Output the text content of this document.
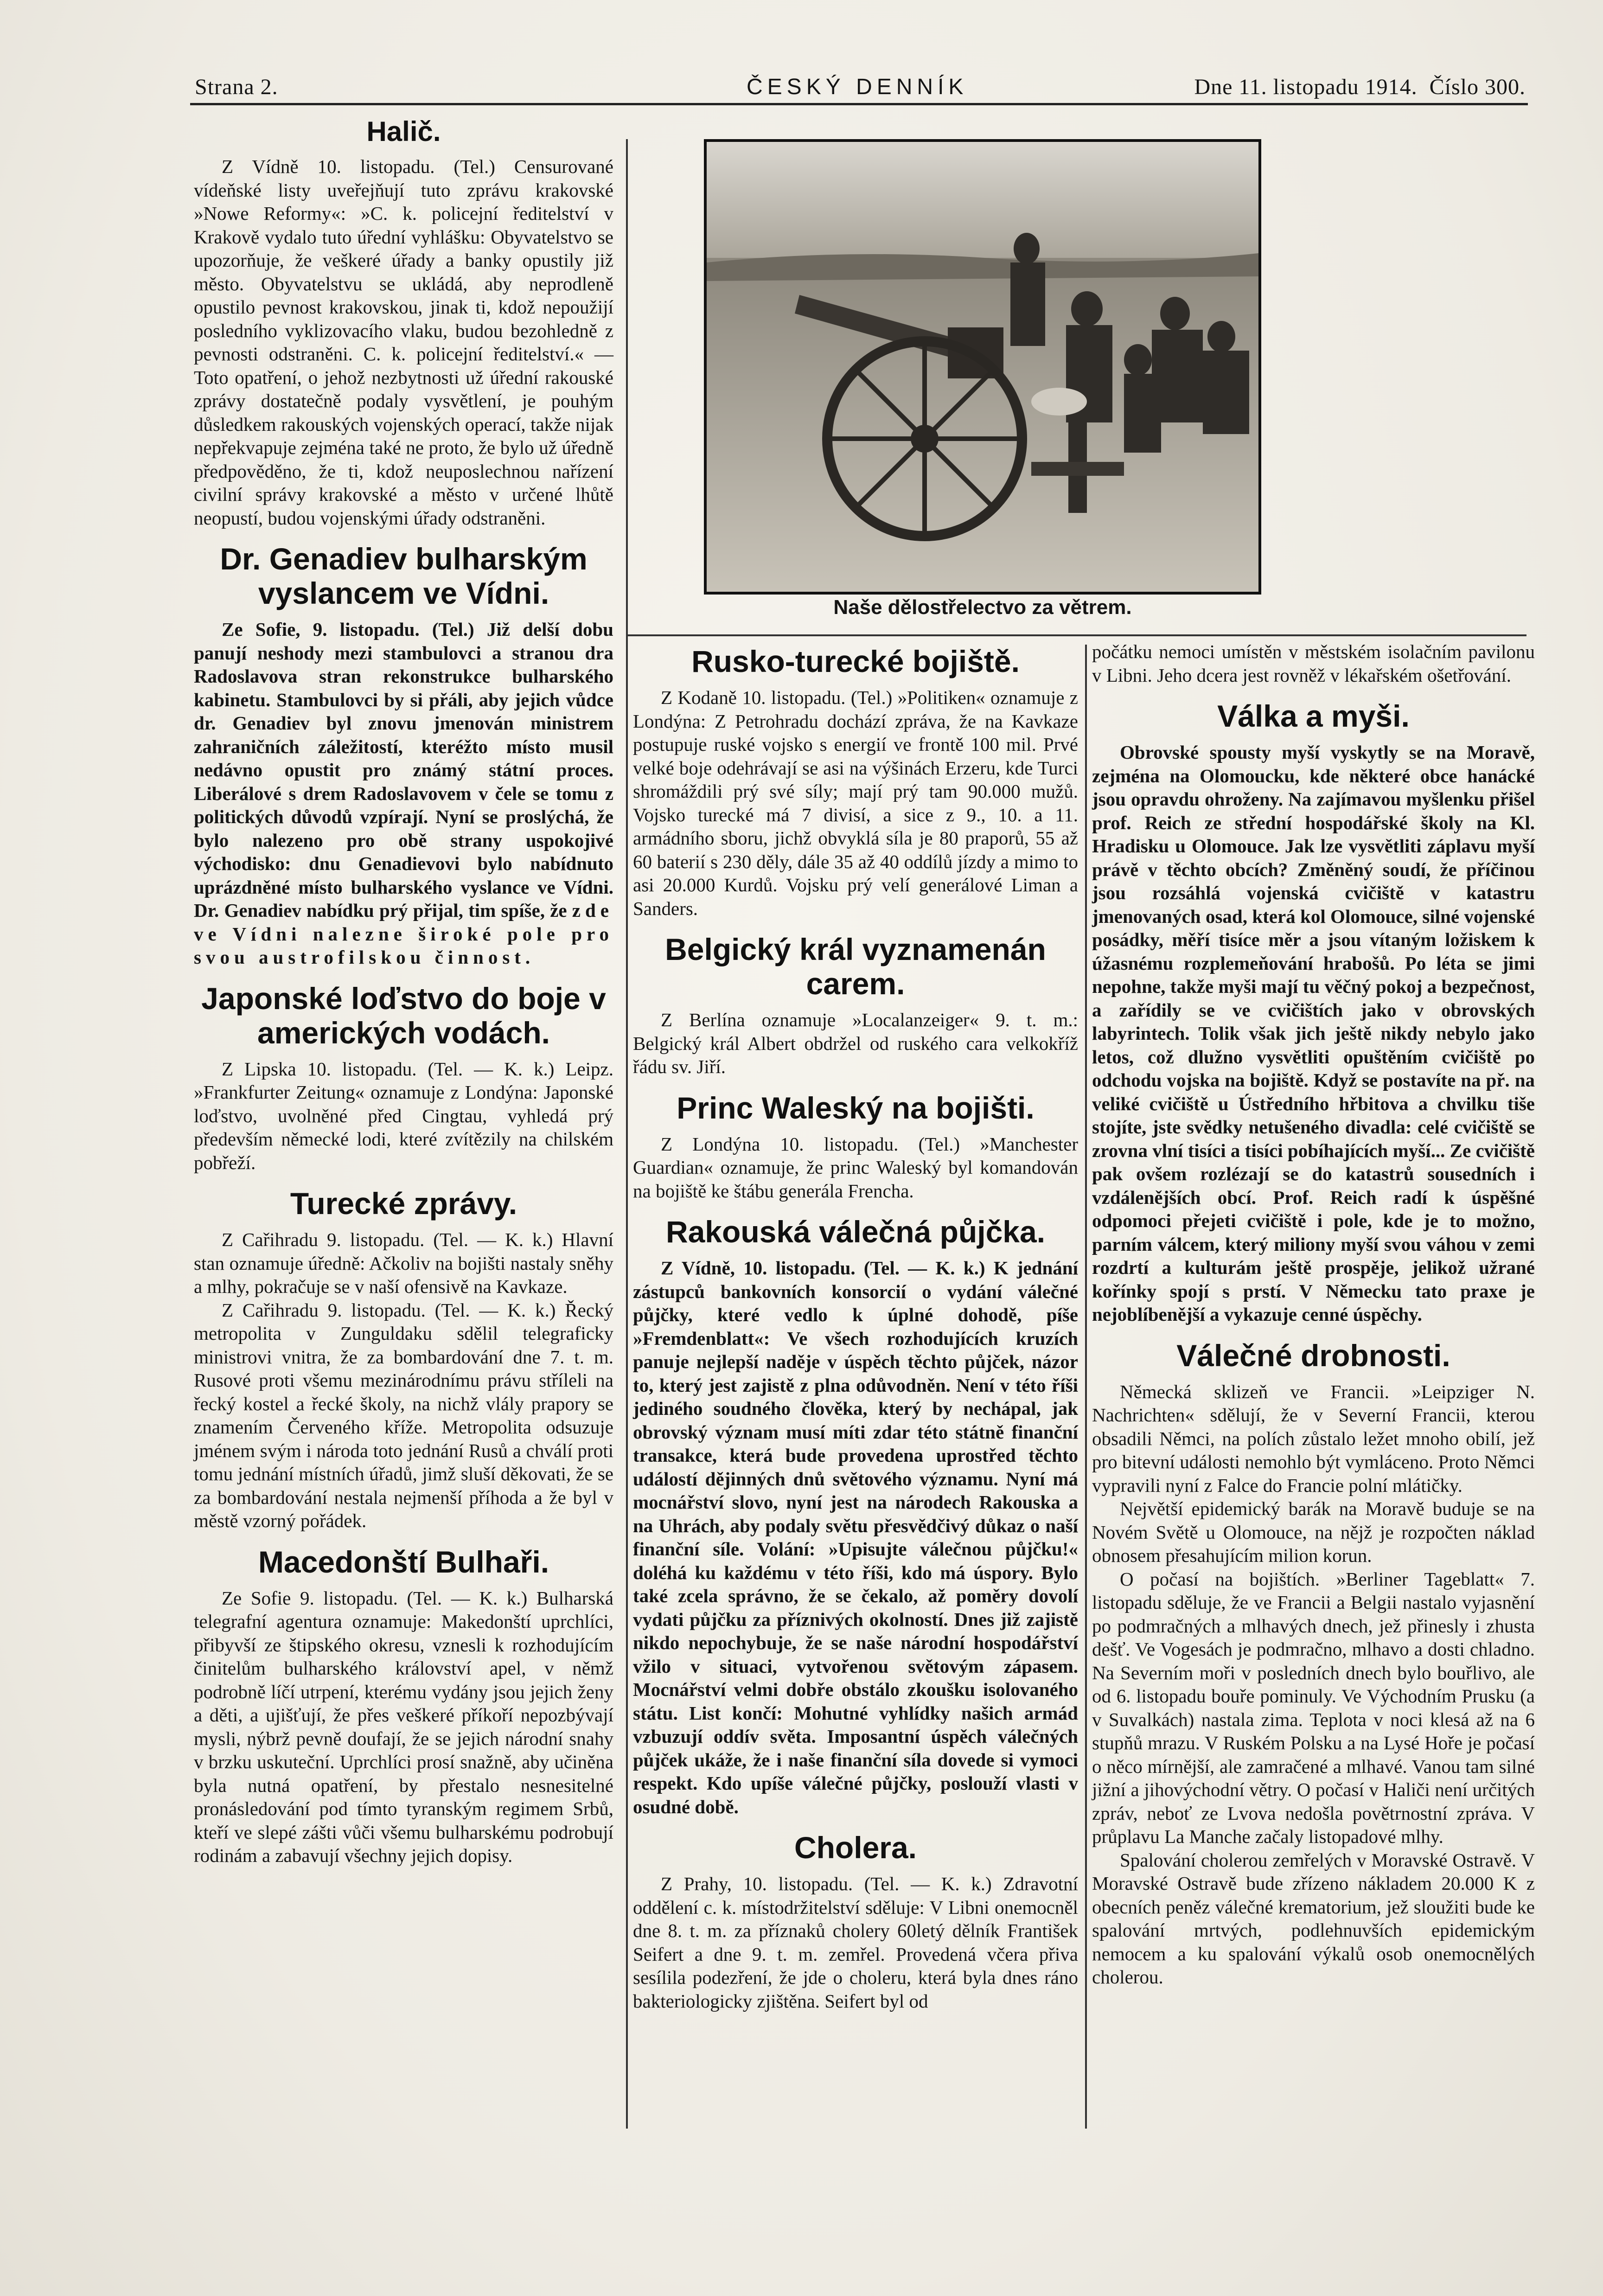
Strana 2.	ČESKÝ DENNÍK	Dne 11. listopadu 1914. Číslo 300.
Naše dělostřelectvo za větrem.
Halič.

Z Vídně 10. listopadu. (Tel.) Censurované vídeňské listy uveřejňují tuto zprávu krakovské »Nowe Reformy«: »C. k. policejní ředitelství v Krakově vydalo tuto úřední vyhlášku: Obyvatelstvo se upozorňuje, že veškeré úřady a banky opustily již město. Obyvatelstvu se ukládá, aby neprodleně opustilo pevnost krakovskou, jinak ti, kdož nepoužijí posledního vyklizovacího vlaku, budou bezohledně z pevnosti odstraněni. C. k. policejní ředitelství.« — Toto opatření, o jehož nezbytnosti už úřední rakouské zprávy dostatečně podaly vysvětlení, je pouhým důsledkem rakouských vojenských operací, takže nijak nepřekvapuje zejména také ne proto, že bylo už úředně předpověděno, že ti, kdož neuposlechnou nařízení civilní správy krakovské a město v určené lhůtě neopustí, budou vojenskými úřady odstraněni.

Dr. Genadiev bulharským vyslancem ve Vídni.

Ze Sofie, 9. listopadu. (Tel.) Již delší dobu panují neshody mezi stambulovci a stranou dra Radoslavova stran rekonstrukce bulharského kabinetu. Stambulovci by si přáli, aby jejich vůdce dr. Genadiev byl znovu jmenován ministrem zahraničních záležitostí, kteréžto místo musil nedávno opustit pro známý státní proces. Liberálové s drem Radoslavovem v čele se tomu z politických důvodů vzpírají. Nyní se proslýchá, že bylo nalezeno pro obě strany uspokojivé východisko: dnu Genadievovi bylo nabídnuto uprázdněné místo bulharského vyslance ve Vídni. Dr. Genadiev nabídku prý přijal, tim spíše, že zde ve Vídni nalezne široké pole pro svou austrofilskou činnost.

Japonské loďstvo do boje v amerických vodách.

Z Lipska 10. listopadu. (Tel. — K. k.) Leipz. »Frankfurter Zeitung« oznamuje z Londýna: Japonské loďstvo, uvolněné před Cingtau, vyhledá prý především německé lodi, které zvítězily na chilském pobřeží.

Turecké zprávy.

Z Cařihradu 9. listopadu. (Tel. — K. k.) Hlavní stan oznamuje úředně: Ačkoliv na bojišti nastaly sněhy a mlhy, pokračuje se v naší ofensivě na Kavkaze.

Z Cařihradu 9. listopadu. (Tel. — K. k.) Řecký metropolita v Zunguldaku sdělil telegraficky ministrovi vnitra, že za bombardování dne 7. t. m. Rusové proti všemu mezinárodnímu právu stříleli na řecký kostel a řecké školy, na nichž vlály prapory se znamením Červeného kříže. Metropolita odsuzuje jménem svým i národa toto jednání Rusů a chválí proti tomu jednání místních úřadů, jimž sluší děkovati, že se za bombardování nestala nejmenší příhoda a že byl v městě vzorný pořádek.

Macedonští Bulhaři.

Ze Sofie 9. listopadu. (Tel. — K. k.) Bulharská telegrafní agentura oznamuje: Makedonští uprchlíci, přibyvší ze štipského okresu, vznesli k rozhodujícím činitelům bulharského království apel, v němž podrobně líčí utrpení, kterému vydány jsou jejich ženy a děti, a ujišťují, že přes veškeré příkoří nepozbývají mysli, nýbrž pevně doufají, že se jejich národní snahy v brzku uskuteční. Uprchlíci prosí snažně, aby učiněna byla nutná opatření, by přestalo nesnesitelné pronásledování pod tímto tyranským regimem Srbů, kteří ve slepé zášti vůči všemu bulharskému podrobují rodinám a zabavují všechny jejich dopisy.

Rusko-turecké bojiště.

Z Kodaně 10. listopadu. (Tel.) »Politiken« oznamuje z Londýna: Z Petrohradu dochází zpráva, že na Kavkaze postupuje ruské vojsko s energií ve frontě 100 mil. Prvé velké boje odehrávají se asi na výšinách Erzeru, kde Turci shromáždili prý své síly; mají prý tam 90.000 mužů. Vojsko turecké má 7 divisí, a sice z 9., 10. a 11. armádního sboru, jichž obvyklá síla je 80 praporů, 55 až 60 baterií s 230 děly, dále 35 až 40 oddílů jízdy a mimo to asi 20.000 Kurdů. Vojsku prý velí generálové Liman a Sanders.

Belgický král vyznamenán carem.

Z Berlína oznamuje »Localanzeiger« 9. t. m.: Belgický král Albert obdržel od ruského cara velkokříž řádu sv. Jiří.

Princ Waleský na bojišti.

Z Londýna 10. listopadu. (Tel.) »Manchester Guardian« oznamuje, že princ Waleský byl komandován na bojiště ke štábu generála Frencha.

Rakouská válečná půjčka.

Z Vídně, 10. listopadu. (Tel. — K. k.) K jednání zástupců bankovních konsorcií o vydání válečné půjčky, které vedlo k úplné dohodě, píše »Fremdenblatt«: Ve všech rozhodujících kruzích panuje nejlepší naděje v úspěch těchto půjček, názor to, který jest zajistě z plna odůvodněn. Není v této říši jediného soudného člověka, který by nechápal, jak obrovský význam musí míti zdar této státně finanční transakce, která bude provedena uprostřed těchto událostí dějinných dnů světového významu. Nyní má mocnářství slovo, nyní jest na národech Rakouska a na Uhrách, aby podaly světu přesvědčivý důkaz o naší finanční síle. Volání: »Upisujte válečnou půjčku!« doléhá ku každému v této říši, kdo má úspory. Bylo také zcela správno, že se čekalo, až poměry dovolí vydati půjčku za příznivých okolností. Dnes již zajistě nikdo nepochybuje, že se naše národní hospodářství vžilo v situaci, vytvořenou světovým zápasem. Mocnářství velmi dobře obstálo zkoušku isolovaného státu. List končí: Mohutné vyhlídky našich armád vzbuzují oddív světa. Imposantní úspěch válečných půjček ukáže, že i naše finanční síla dovede si vymoci respekt. Kdo upíše válečné půjčky, poslouží vlasti v osudné době.

Cholera.

Z Prahy, 10. listopadu. (Tel. — K. k.) Zdravotní oddělení c. k. místodržitelství sděluje: V Libni onemocněl dne 8. t. m. za příznaků cholery 60letý dělník František Seifert a dne 9. t. m. zemřel. Provedená včera přiva sesílila podezření, že jde o choleru, která byla dnes ráno bakteriologicky zjištěna. Seifert byl od

počátku nemoci umístěn v městském isolačním pavilonu v Libni. Jeho dcera jest rovněž v lékařském ošetřování.

Válka a myši.

Obrovské spousty myší vyskytly se na Moravě, zejména na Olomoucku, kde některé obce hanácké jsou opravdu ohroženy. Na zajímavou myšlenku přišel prof. Reich ze střední hospodářské školy na Kl. Hradisku u Olomouce. Jak lze vysvětliti záplavu myší právě v těchto obcích? Změněný soudí, že příčinou jsou rozsáhlá vojenská cvičiště v katastru jmenovaných osad, která kol Olomouce, silné vojenské posádky, měří tisíce měr a jsou vítaným ložiskem k úžasnému rozplemeňování hrabošů. Po léta se jimi nepohne, takže myši mají tu věčný pokoj a bezpečnost, a zařídily se ve cvičištích jako v obrovských labyrintech. Tolik však jich ještě nikdy nebylo jako letos, což dlužno vysvětliti opuštěním cvičiště po odchodu vojska na bojiště. Když se postavíte na př. na veliké cvičiště u Ústředního hřbitova a chvilku tiše stojíte, jste svědky netušeného divadla: celé cvičiště se zrovna vlní tisíci a tisíci pobíhajících myší... Ze cvičiště pak ovšem rozlézají se do katastrů sousedních i vzdálenějších obcí. Prof. Reich radí k úspěšné odpomoci přejeti cvičiště i pole, kde je to možno, parním válcem, který miliony myší svou váhou v zemi rozdrtí a kulturám ještě prospěje, jelikož užrané kořínky spojí s prstí. V Německu tato praxe je nejoblíbenější a vykazuje cenné úspěchy.

Válečné drobnosti.

Německá sklizeň ve Francii. »Leipziger N. Nachrichten« sdělují, že v Severní Francii, kterou obsadili Němci, na polích zůstalo ležet mnoho obilí, jež pro bitevní události nemohlo být vymláceno. Proto Němci vypravili nyní z Falce do Francie polní mlátičky.

Největší epidemický barák na Moravě buduje se na Novém Světě u Olomouce, na nějž je rozpočten náklad obnosem přesahujícím milion korun.

O počasí na bojištích. »Berliner Tageblatt« 7. listopadu sděluje, že ve Francii a Belgii nastalo vyjasnění po podmračných a mlhavých dnech, jež přinesly i zhusta dešť. Ve Vogesách je podmračno, mlhavo a dosti chladno. Na Severním moři v posledních dnech bylo bouřlivo, ale od 6. listopadu bouře pominuly. Ve Východním Prusku (a v Suvalkách) nastala zima. Teplota v noci klesá až na 6 stupňů mrazu. V Ruském Polsku a na Lysé Hoře je počasí o něco mírnější, ale zamračené a mlhavé. Vanou tam silné jižní a jihovýchodní větry. O počasí v Haliči není určitých zpráv, neboť ze Lvova nedošla povětrnostní zpráva. V průplavu La Manche začaly listopadové mlhy.

Spalování cholerou zemřelých v Moravské Ostravě. V Moravské Ostravě bude zřízeno nákladem 20.000 K z obecních peněz válečné krematorium, jež sloužiti bude ke spalování mrtvých, podlehnuvších epidemickým nemocem a ku spalování výkalů osob onemocnělých cholerou.
